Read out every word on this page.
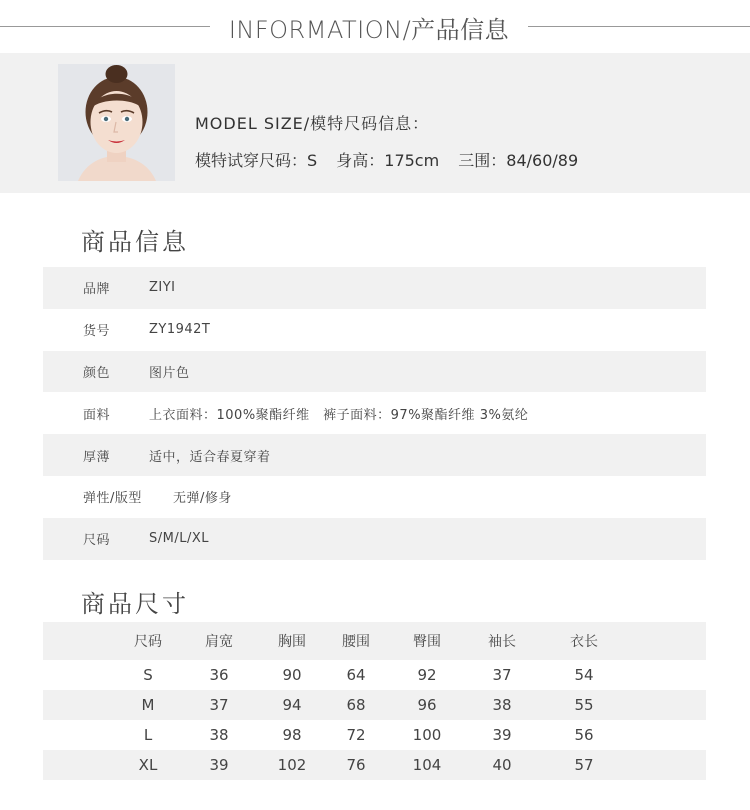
INFORMATION/产品信息
MODEL SIZE/模特尺码信息：
模特试穿尺码：S 身高：175cm 三围：84/60/89
商品信息
品牌	ZIYI
货号	ZY1942T
颜色	图片色
面料	上衣面料：100%聚酯纤维　裤子面料：97%聚酯纤维 3%氨纶
厚薄	适中，适合春夏穿着
弹性/版型	无弹/修身
尺码	S/M/L/XL
商品尺寸
尺码	肩宽	胸围	腰围	臀围	袖长	衣长
S	36	90	64	92	37	54
M	37	94	68	96	38	55
L	38	98	72	100	39	56
XL	39	102	76	104	40	57
